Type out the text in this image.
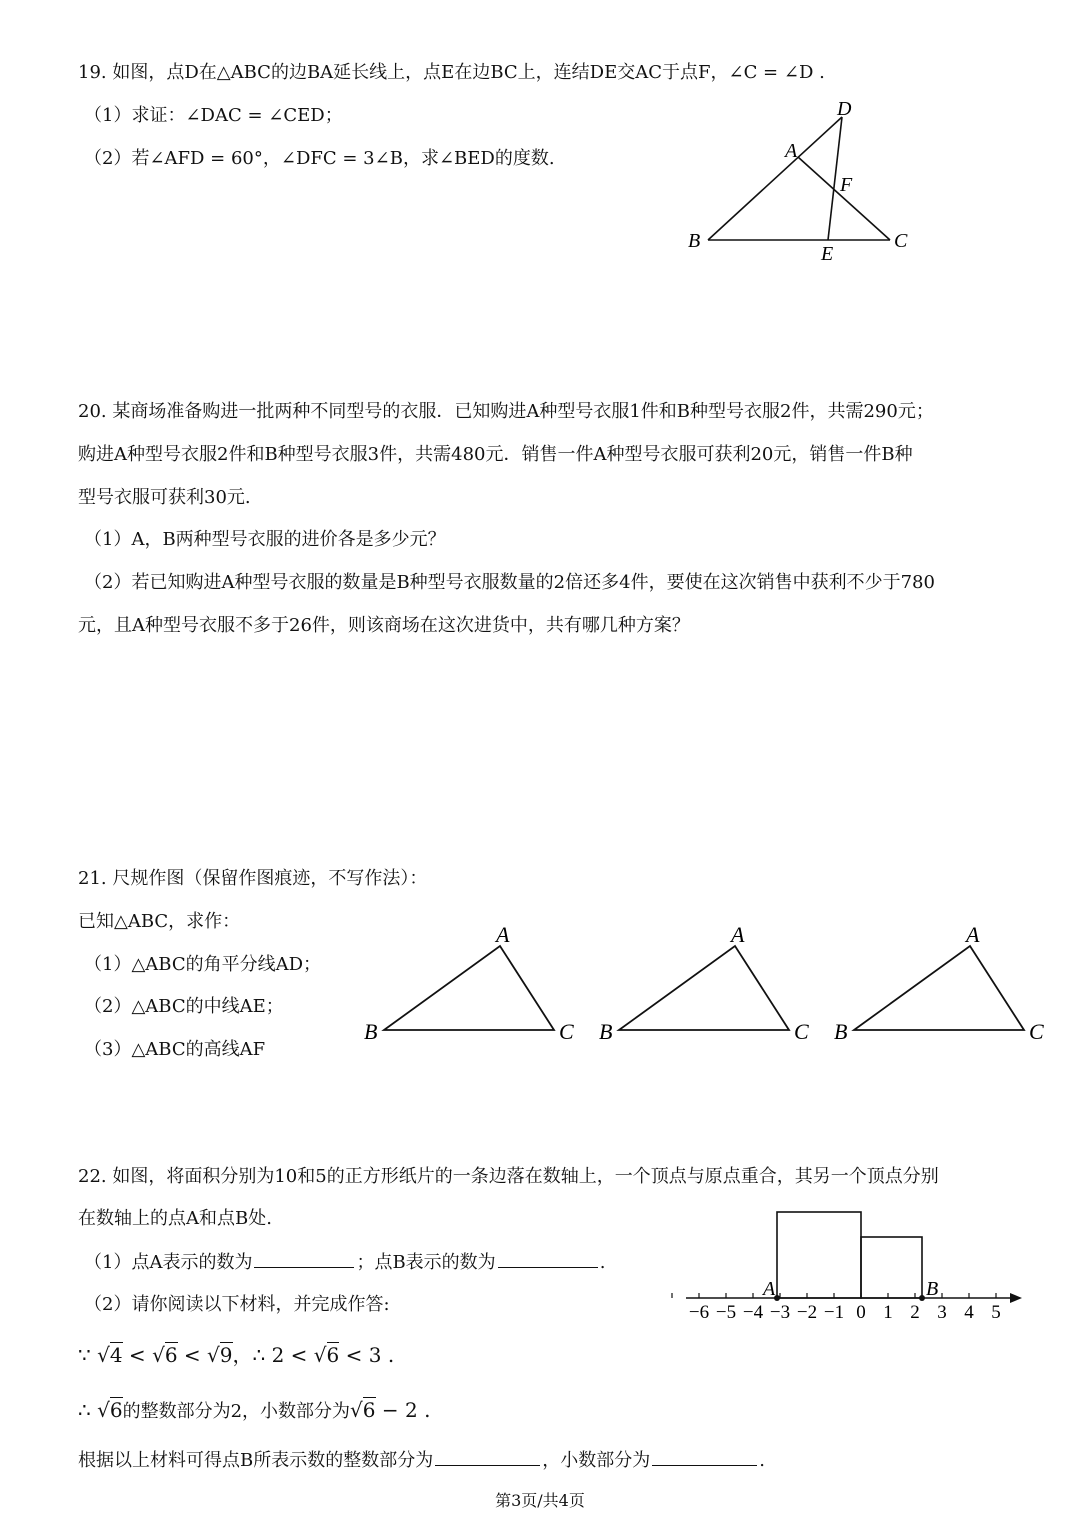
19. 如图，点D在△ABC的边BA延长线上，点E在边BC上，连结DE交AC于点F，∠C = ∠D .
（1）求证：∠DAC = ∠CED；
（2）若∠AFD = 60°，∠DFC = 3∠B，求∠BED的度数.
D
A
F
B	C
E
20. 某商场准备购进一批两种不同型号的衣服．已知购进A种型号衣服1件和B种型号衣服2件，共需290元；
购进A种型号衣服2件和B种型号衣服3件，共需480元．销售一件A种型号衣服可获利20元，销售一件B种
型号衣服可获利30元.
（1）A，B两种型号衣服的进价各是多少元？
（2）若已知购进A种型号衣服的数量是B种型号衣服数量的2倍还多4件，要使在这次销售中获利不少于780
元，且A种型号衣服不多于26件，则该商场在这次进货中，共有哪几种方案？
21. 尺规作图（保留作图痕迹，不写作法）：
已知△ABC，求作：
（1）△ABC的角平分线AD；
（2）△ABC的中线AE；
（3）△ABC的高线AF
A
B	C
A
B	C
A
B	C
22. 如图，将面积分别为10和5的正方形纸片的一条边落在数轴上，一个顶点与原点重合，其另一个顶点分别
在数轴上的点A和点B处.
（1）点A表示的数为	；点B表示的数为	.
（2）请你阅读以下材料，并完成作答:
∵ √4 < √6 < √9，∴ 2 < √6 < 3 .
∴ √6的整数部分为2，小数部分为√6 − 2 .
根据以上材料可得点B所表示数的整数部分为	，小数部分为	.
−6 −5 −4 −3 −2 −1 0 1 2 3 4 5
A	B
第3页/共4页
